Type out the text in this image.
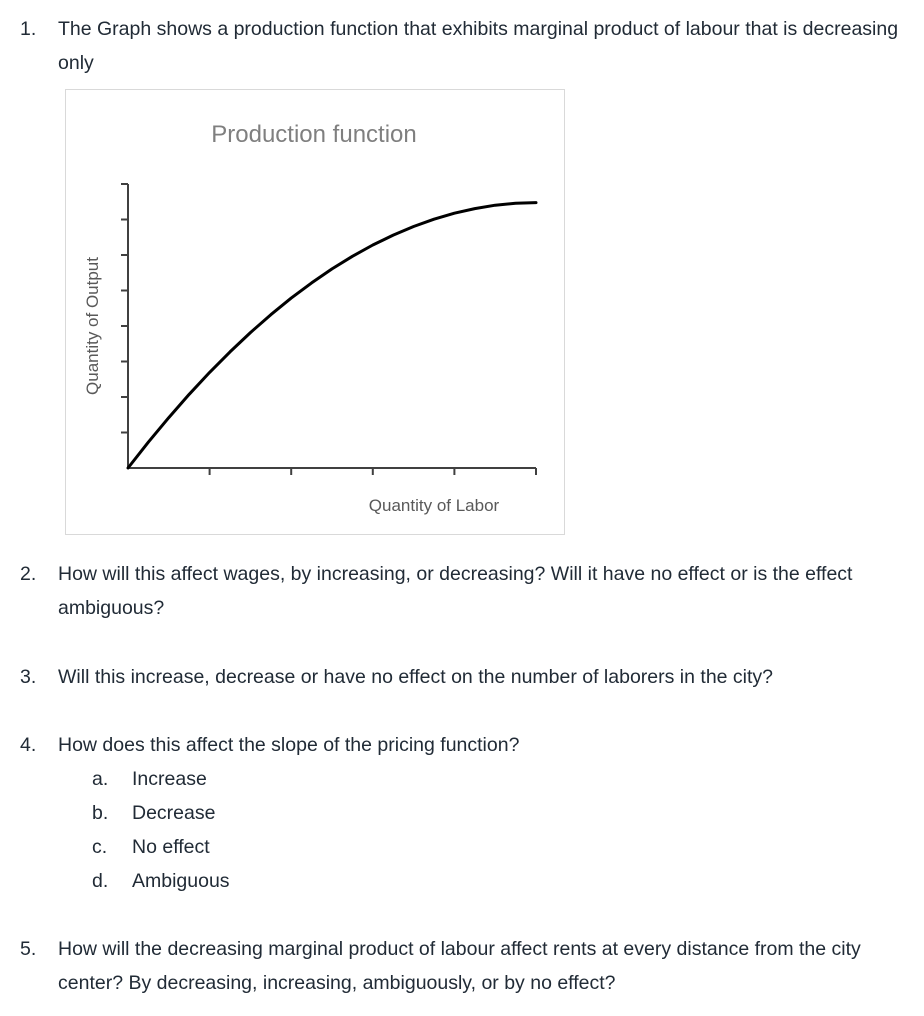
1.	The Graph shows a production function that exhibits marginal product of labour that is decreasing only
Production function
Quantity of Output
Quantity of Labor
2.	How will this affect wages, by increasing, or decreasing? Will it have no effect or is the effect ambiguous?
3.	Will this increase, decrease or have no effect on the number of laborers in the city?
4.	How does this affect the slope of the pricing function?
a. Increase
b. Decrease
c.	No effect
d. Ambiguous
5.	How will the decreasing marginal product of labour affect rents at every distance from the city center? By decreasing, increasing, ambiguously, or by no effect?
